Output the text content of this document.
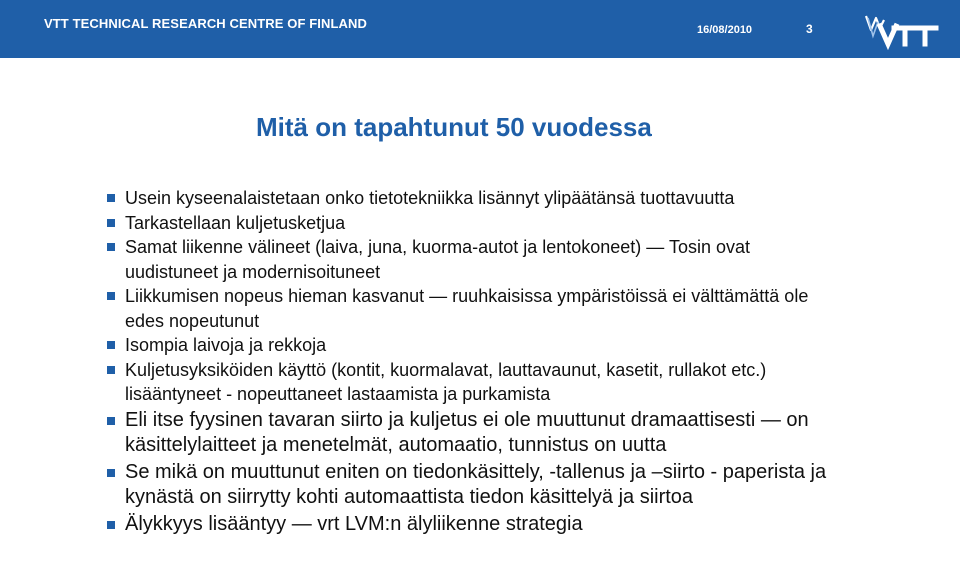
VTT TECHNICAL RESEARCH CENTRE OF FINLAND	16/08/2010	3
Mitä on tapahtunut 50 vuodessa
Usein kyseenalaistetaan onko tietotekniikka lisännyt ylipäätänsä tuottavuutta
Tarkastellaan kuljetusketjua
Samat liikenne välineet (laiva, juna, kuorma-autot ja lentokoneet) — Tosin ovat uudistuneet ja modernisoituneet
Liikkumisen nopeus hieman kasvanut — ruuhkaisissa ympäristöissä ei välttämättä ole edes nopeutunut
Isompia laivoja ja rekkoja
Kuljetusyksiköiden käyttö (kontit, kuormalavat, lauttavaunut, kasetit, rullakot etc.) lisääntyneet - nopeuttaneet lastaamista ja purkamista
Eli itse fyysinen tavaran siirto ja kuljetus ei ole muuttunut dramaattisesti — on käsittelylaitteet ja menetelmät, automaatio, tunnistus on uutta
Se mikä on muuttunut eniten on tiedonkäsittely, -tallenus ja –siirto - paperista ja kynästä on siirrytty kohti automaattista tiedon käsittelyä ja siirtoa
Älykkyys lisääntyy — vrt LVM:n älyliikenne strategia
